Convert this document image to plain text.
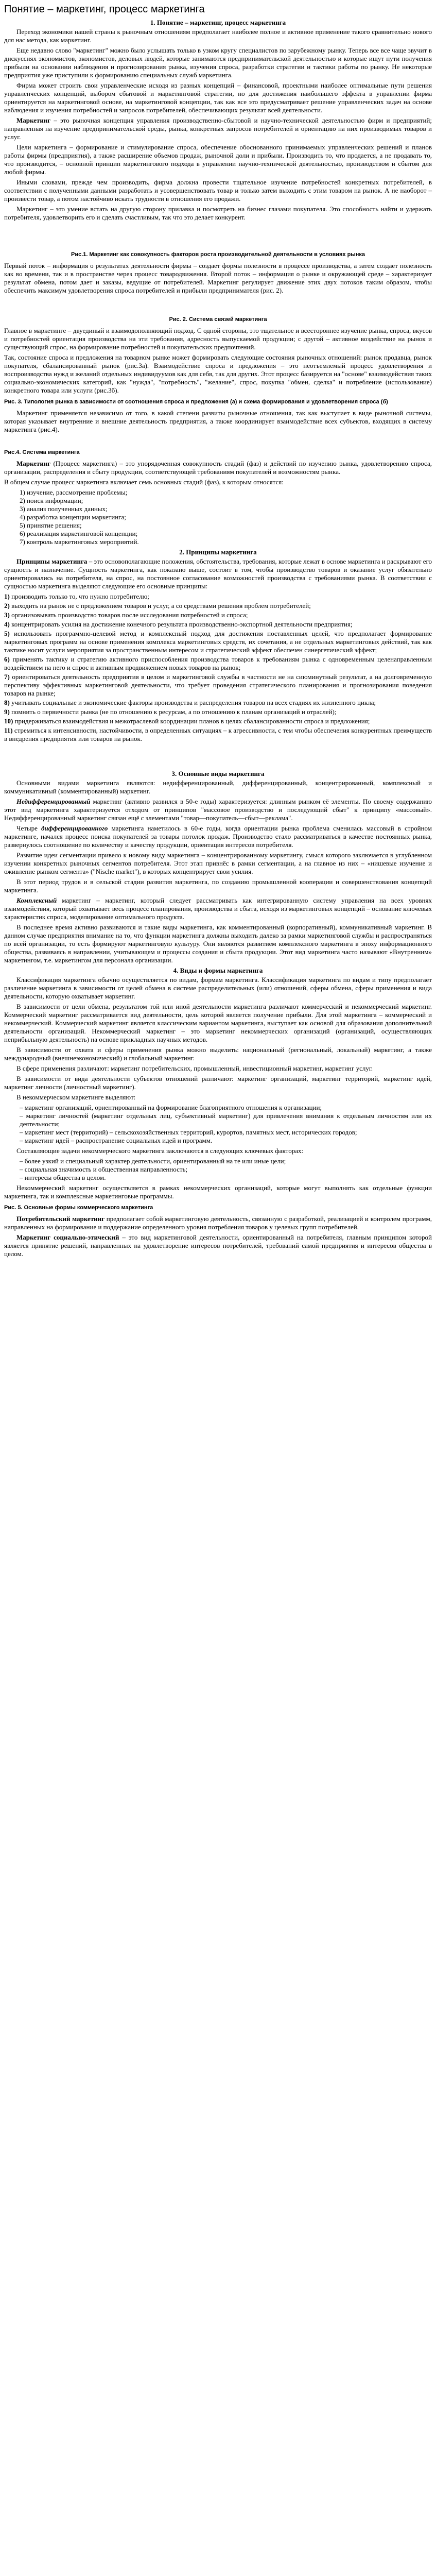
Понятие – маркетинг, процесс маркетинга
1. Понятие – маркетинг, процесс маркетинга

Переход экономики нашей страны к рыночным отношениям предполагает наиболее полное и активное применение такого сравнительно нового для нас метода, как маркетинг.

Еще недавно слово "маркетинг" можно было услышать только в узком кругу специалистов по зарубежному рынку. Теперь все все чаще звучит в дискуссиях экономистов, экономистов, деловых людей, которые занимаются предпринимательской деятельностью и которые ищут пути получения прибыли на основании наблюдения и прогнозирования рынка, изучения спроса, разработки стратегии и тактики работы по рынку. Не некоторые предприятия уже приступили к формированию специальных служб маркетинга.

Фирма может строить свои управленческие исходя из разных концепций – финансовой, проектными наиболее оптимальные пути решения управленческих концепций, выбором сбытовой и маркетинговой стратегии, но для достижения наибольшего эффекта в управлении фирма ориентируется на маркетинговой основе, на маркетинговой концепции, так как все это предусматривает решение управленческих задач на основе наблюдения и изучения потребностей и запросов потребителей, обеспечивающих результат всей деятельности.

Маркетинг – это рыночная концепция управления производственно-сбытовой и научно-технической деятельностью фирм и предприятий; направленная на изучение предпринимательской среды, рынка, конкретных запросов потребителей и ориентацию на них производимых товаров и услуг.

Цели маркетинга – формирование и стимулирование спроса, обеспечение обоснованного принимаемых управленческих решений и планов работы фирмы (предприятия), а также расширение объемов продаж, рыночной доли и прибыли. Производить то, что продается, а не продавать то, что производится, – основной принцип маркетингового подхода в управлении научно-технической деятельностью, производством и сбытом для любой фирмы.

Иными словами, прежде чем производить, фирма должна провести тщательное изучение потребностей конкретных потребителей, в соответствии с полученными данными разработать и усовершенствовать товар и только затем выходить с этим товаром на рынок. А не наоборот – произвести товар, а потом настойчиво искать трудности в отношения его продажи.

Маркетинг – это умение встать на другую сторону прилавка и посмотреть на бизнес глазами покупателя. Это способность найти и удержать потребителя, удовлетворить его и сделать счастливым, так что это делает конкурент.

Рис.1. Маркетинг как совокупность факторов роста производительной деятельности в условиях рынка

Первый поток – информация о результатах деятельности фирмы – создает формы полезности в процессе производства, а затем создает полезность как во времени, так и в пространстве через процесс товародвижения. Второй поток – информация о рынке и окружающей среде – характеризует результат обмена, потом дает и заказы, ведущие от потребителей. Маркетинг регулирует движение этих двух потоков таким образом, чтобы обеспечить максимум удовлетворения спроса потребителей и прибыли предпринимателя (рис. 2).

Рис. 2. Система связей маркетинга

Главное в маркетинге – двуединый и взаимодополняющий подход. С одной стороны, это тщательное и всестороннее изучение рынка, спроса, вкусов и потребностей ориентация производства на эти требования, адресность выпускаемой продукции; с другой – активное воздействие на рынок и существующий спрос, на формирование потребностей и покупательских предпочтений.

Так, состояние спроса и предложения на товарном рынке может формировать следующие состояния рыночных отношений: рынок продавца, рынок покупателя, сбалансированный рынок (рис.3а). Взаимодействие спроса и предложения – это неотъемлемый процесс удовлетворения и воспроизводства нужд и желаний отдельных индивидуумов как для себя, так для других. Этот процесс базируется на "основе" взаимодействия таких социально-экономических категорий, как "нужда", "потребность", "желание", спрос, покупка "обмен, сделка" и потребление (использование) конкретного товара или услуги (рис.3б).

Рис. 3. Типология рынка в зависимости от соотношения спроса и предложения (а) и схема формирования и удовлетворения спроса (б)

Маркетинг применяется независимо от того, в какой степени развиты рыночные отношения, так как выступает в виде рыночной системы, которая указывает внутренние и внешние деятельность предприятия, а также координирует взаимодействие всех субъектов, входящих в систему маркетинга (рис.4).

Рис.4. Система маркетинга

Маркетинг (Процесс маркетинга) – это упорядоченная совокупность стадий (фаз) и действий по изучению рынка, удовлетворению спроса, организации, распределения и сбыту продукции, соответствующей требованиям покупателей и возможностям рынка.

В общем случае процесс маркетинга включает семь основных стадий (фаз), к которым относятся:

1) изучение, рассмотрение проблемы;
2) поиск информации;
3) анализ полученных данных;
4) разработка концепции маркетинга;
5) принятие решения;
6) реализация маркетинговой концепции;
7) контроль маркетинговых мероприятий.
2. Принципы маркетинга

Принципы маркетинга – это основополагающие положения, обстоятельства, требования, которые лежат в основе маркетинга и раскрывают его сущность и назначение. Сущность маркетинга, как показано выше, состоит в том, чтобы производство товаров и оказание услуг обязательно ориентировались на потребителя, на спрос, на постоянное согласование возможностей производства с требованиями рынка. В соответствии с сущностью маркетинга выделяют следующие его основные принципы:

1) производить только то, что нужно потребителю;
2) выходить на рынок не с предложением товаров и услуг, а со средствами решения проблем потребителей;
3) организовывать производство товаров после исследования потребностей и спроса;
4) концентрировать усилия на достижение конечного результата производственно-экспортной деятельности предприятия;
5) использовать программно-целевой метод и комплексный подход для достижения поставленных целей, что предполагает формирование маркетинговых программ на основе применения комплекса маркетинговых средств, их сочетания, а не отдельных маркетинговых действий, так как тактике носит услуги мероприятия за пространственным интересом и стратегический эффект обеспечен синергетический эффект;
6) применять тактику и стратегию активного приспособления производства товаров к требованиям рынка с одновременным целенаправленным воздействием на него и спрос и активным продвижением новых товаров на рынок;
7) ориентироваться деятельность предприятия в целом и маркетинговой службы в частности не на сиюминутный результат, а на долговременную перспективу эффективных маркетинговой деятельности, что требует проведения стратегического планирования и прогнозирования поведения товаров на рынке;
8) учитывать социальные и экономические факторы производства и распределения товаров на всех стадиях их жизненного цикла;
9) помнить о первичности рынка (не по отношению к ресурсам, а по отношению к планам организаций и отраслей);
10) придерживаться взаимодействия и межотраслевой координации планов в целях сбалансированности спроса и предложения;
11) стремиться к интенсивности, настойчивости, в определенных ситуациях – к агрессивности, с тем чтобы обеспечения конкурентных преимуществ в внедрения предприятия или товаров на рынок.
3. Основные виды маркетинга

Основными видами маркетинга являются: недифференцированный, дифференцированный, концентрированный, комплексный и коммуникативный (комментированный) маркетинг.

Недифференцированный маркетинг (активно развился в 50-е годы) характеризуется: длинным рынком её элементы. По своему содержанию этот вид маркетинга характеризуется отходом от принципов "массовое производство и последующий сбыт" к принципу «массовый». Недифференцированный маркетинг связан ещё с элементами "товар—покупатель—сбыт—реклама".

Четыре дифференцированного маркетинга наметилось в 60-е годы, когда ориентации рынка проблема сменилась массовый в стройном маркетинге, начался процесс поиска покупателей за товары потолок продаж. Производство стало рассматриваться в качестве постоянных рынка, развернулось соотношение по количеству и качеству продукции, ориентация интересов потребителя.

Развитие идеи сегментации привело к новому виду маркетинга – концентрированному маркетингу, смысл которого заключается в углубленном изучении конкретных рыночных сегментов потребителя. Этот этап привнёс в рамки сегментации, а на главное из них – «нишевые изучение и оживление рынком сегмента» ("Nische market"), в которых концентрирует свои усилия.

В этот период трудов и в сельской стадии развития маркетинга, по созданию промышленной кооперации и совершенствования концепций маркетинга.

Комплексный маркетинг – маркетинг, который следует рассматривать как интегрированную систему управления на всех уровнях взаимодействия, который охватывает весь процесс планирования, производства и сбыта, исходя из маркетинговых концепций – основание ключевых характеристик спроса, моделирование оптимального продукта.

В последнее время активно развиваются и такие виды маркетинга, как комментированный (корпоративный), коммуникативный маркетинг. В данном случае предприятия внимание на то, что функции маркетинга должны выходить далеко за рамки маркетинговой службы и распространяться по всей организации, то есть формируют маркетинговую культуру. Они являются развитием комплексного маркетинга в эпоху информационного общества, развиваясь в направлении, учитывающем и процессы создания и сбыта продукции. Этот вид маркетинга часто называют «Внутренним» маркетингом, т.е. маркетингом для персонала организации.

4. Виды и формы маркетинга

Классификация маркетинга обычно осуществляется по видам, формам маркетинга. Классификация маркетинга по видам и типу предполагает различение маркетинга в зависимости от целей обмена в системе распределительных (или) отношений, сферы обмена, сферы применения и вида деятельности, которую охватывает маркетинг.

В зависимости от цели обмена, результатом той или иной деятельности маркетинга различают коммерческий и некоммерческий маркетинг. Коммерческий маркетинг рассматривается вид деятельности, цель которой является получение прибыли. Для этой маркетинга – коммерческий и некоммерческий. Коммерческий маркетинг является классическим вариантом маркетинга, выступает как основой для образования дополнительной деятельности организаций. Некоммерческий маркетинг – это маркетинг некоммерческих организаций (организаций, осуществляющих неприбыльную деятельность) на основе прикладных научных методов.

В зависимости от охвата и сферы применения рынка можно выделить: национальный (региональный, локальный) маркетинг, а также международный (внешнеэкономический) и глобальный маркетинг.

В сфере применения различают: маркетинг потребительских, промышленный, инвестиционный маркетинг, маркетинг услуг.

В зависимости от вида деятельности субъектов отношений различают: маркетинг организаций, маркетинг территорий, маркетинг идей, маркетинг личности (личностный маркетинг).

В некоммерческом маркетинге выделяют:

– маркетинг организаций, ориентированный на формирование благоприятного отношения к организации;
– маркетинг личностей (маркетинг отдельных лиц, субъективный маркетинг) для привлечения внимания к отдельным личностям или их деятельности;
– маркетинг мест (территорий) – сельскохозяйственных территорий, курортов, памятных мест, исторических городов;
– маркетинг идей – распространение социальных идей и программ.

Составляющие задачи некоммерческого маркетинга заключаются в следующих ключевых факторах:

– более узкий и специальный характер деятельности, ориентированный на те или иные цели;
– социальная значимость и общественная направленность;
– интересы общества в целом.

Некоммерческий маркетинг осуществляется в рамках некоммерческих организаций, которые могут выполнять как отдельные функции маркетинга, так и комплексные маркетинговые программы.

Рис. 5. Основные формы коммерческого маркетинга

Потребительский маркетинг предполагает собой маркетинговую деятельность, связанную с разработкой, реализацией и контролем программ, направленных на формирование и поддержание определенного уровня потребления товаров у целевых групп потребителей.

Маркетинг социально-этический – это вид маркетинговой деятельности, ориентированный на потребителя, главным принципом которой является принятие решений, направленных на удовлетворение интересов потребителей, требований самой предприятия и интересов общества в целом.
